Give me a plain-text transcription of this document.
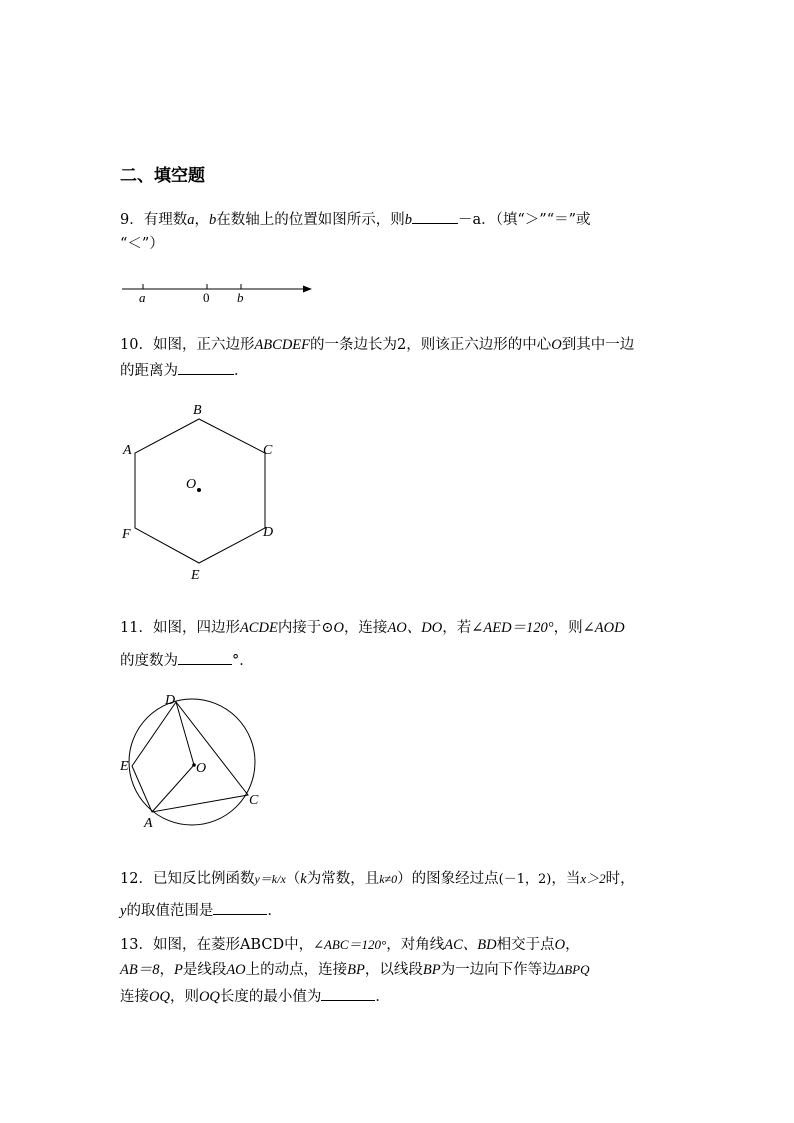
二、填空题
9．有理数a，b在数轴上的位置如图所示，则b	－a．（填“＞”“＝”或
“＜”）
a	0 b
10．如图，正六边形ABCDEF的一条边长为2，则该正六边形的中心O到其中一边
的距离为	．
B
A	C
D
F
E
O
11．如图，四边形ACDE内接于⊙O，连接AO、DO，若∠AED＝120°，则∠AOD
的度数为	°．
D
E	O
C
A
12．已知反比例函数y＝k/x（k为常数，且k≠0）的图象经过点(－1，2)，当x＞2时，
y的取值范围是	．
13．如图，在菱形ABCD中，∠ABC＝120°，对角线AC、BD相交于点O，
AB＝8，P是线段AO上的动点，连接BP，以线段BP为一边向下作等边ΔBPQ
连接OQ，则OQ长度的最小值为	．
